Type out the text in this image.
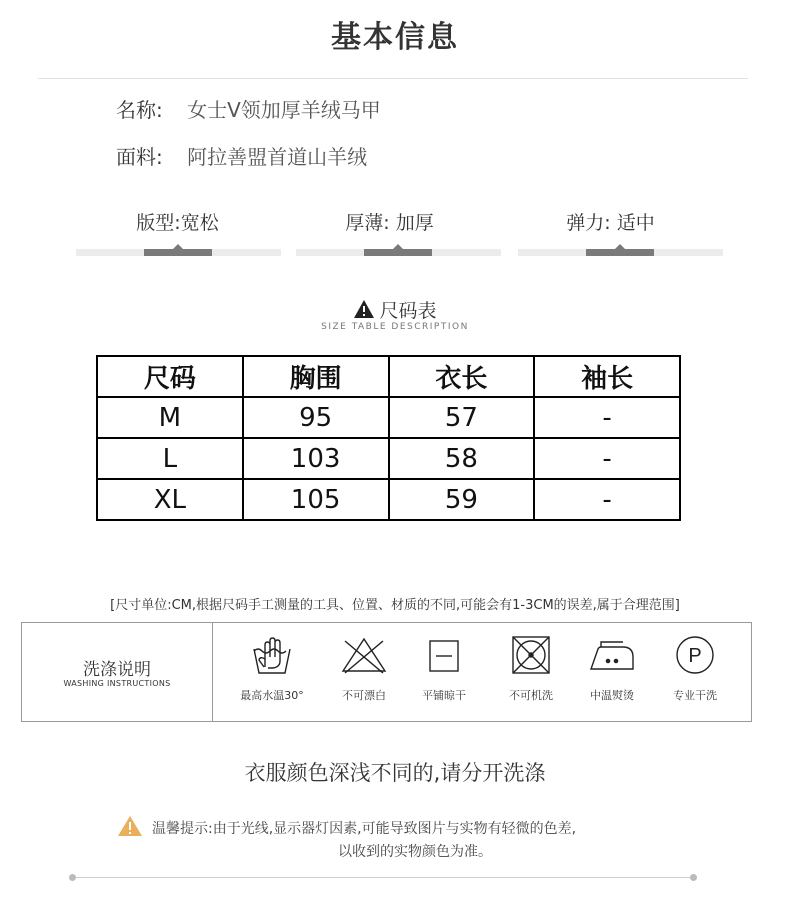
基本信息
名称: 女士V领加厚羊绒马甲
面料: 阿拉善盟首道山羊绒
版型:宽松	厚薄: 加厚	弹力: 适中
尺码表
SIZE TABLE DESCRIPTION
尺码	胸围	衣长	袖长
M	95	57	-
L	103	58	-
XL	105	59	-
[尺寸单位:CM,根据尺码手工测量的工具、位置、材质的不同,可能会有1-3CM的误差,属于合理范围]
洗涤说明
WASHING INSTRUCTIONS
最高水温30°	不可漂白	平铺晾干	不可机洗	中温熨烫
P
专业干洗
衣服颜色深浅不同的,请分开洗涤
温馨提示:由于光线,显示器灯因素,可能导致图片与实物有轻微的色差,
以收到的实物颜色为准。
